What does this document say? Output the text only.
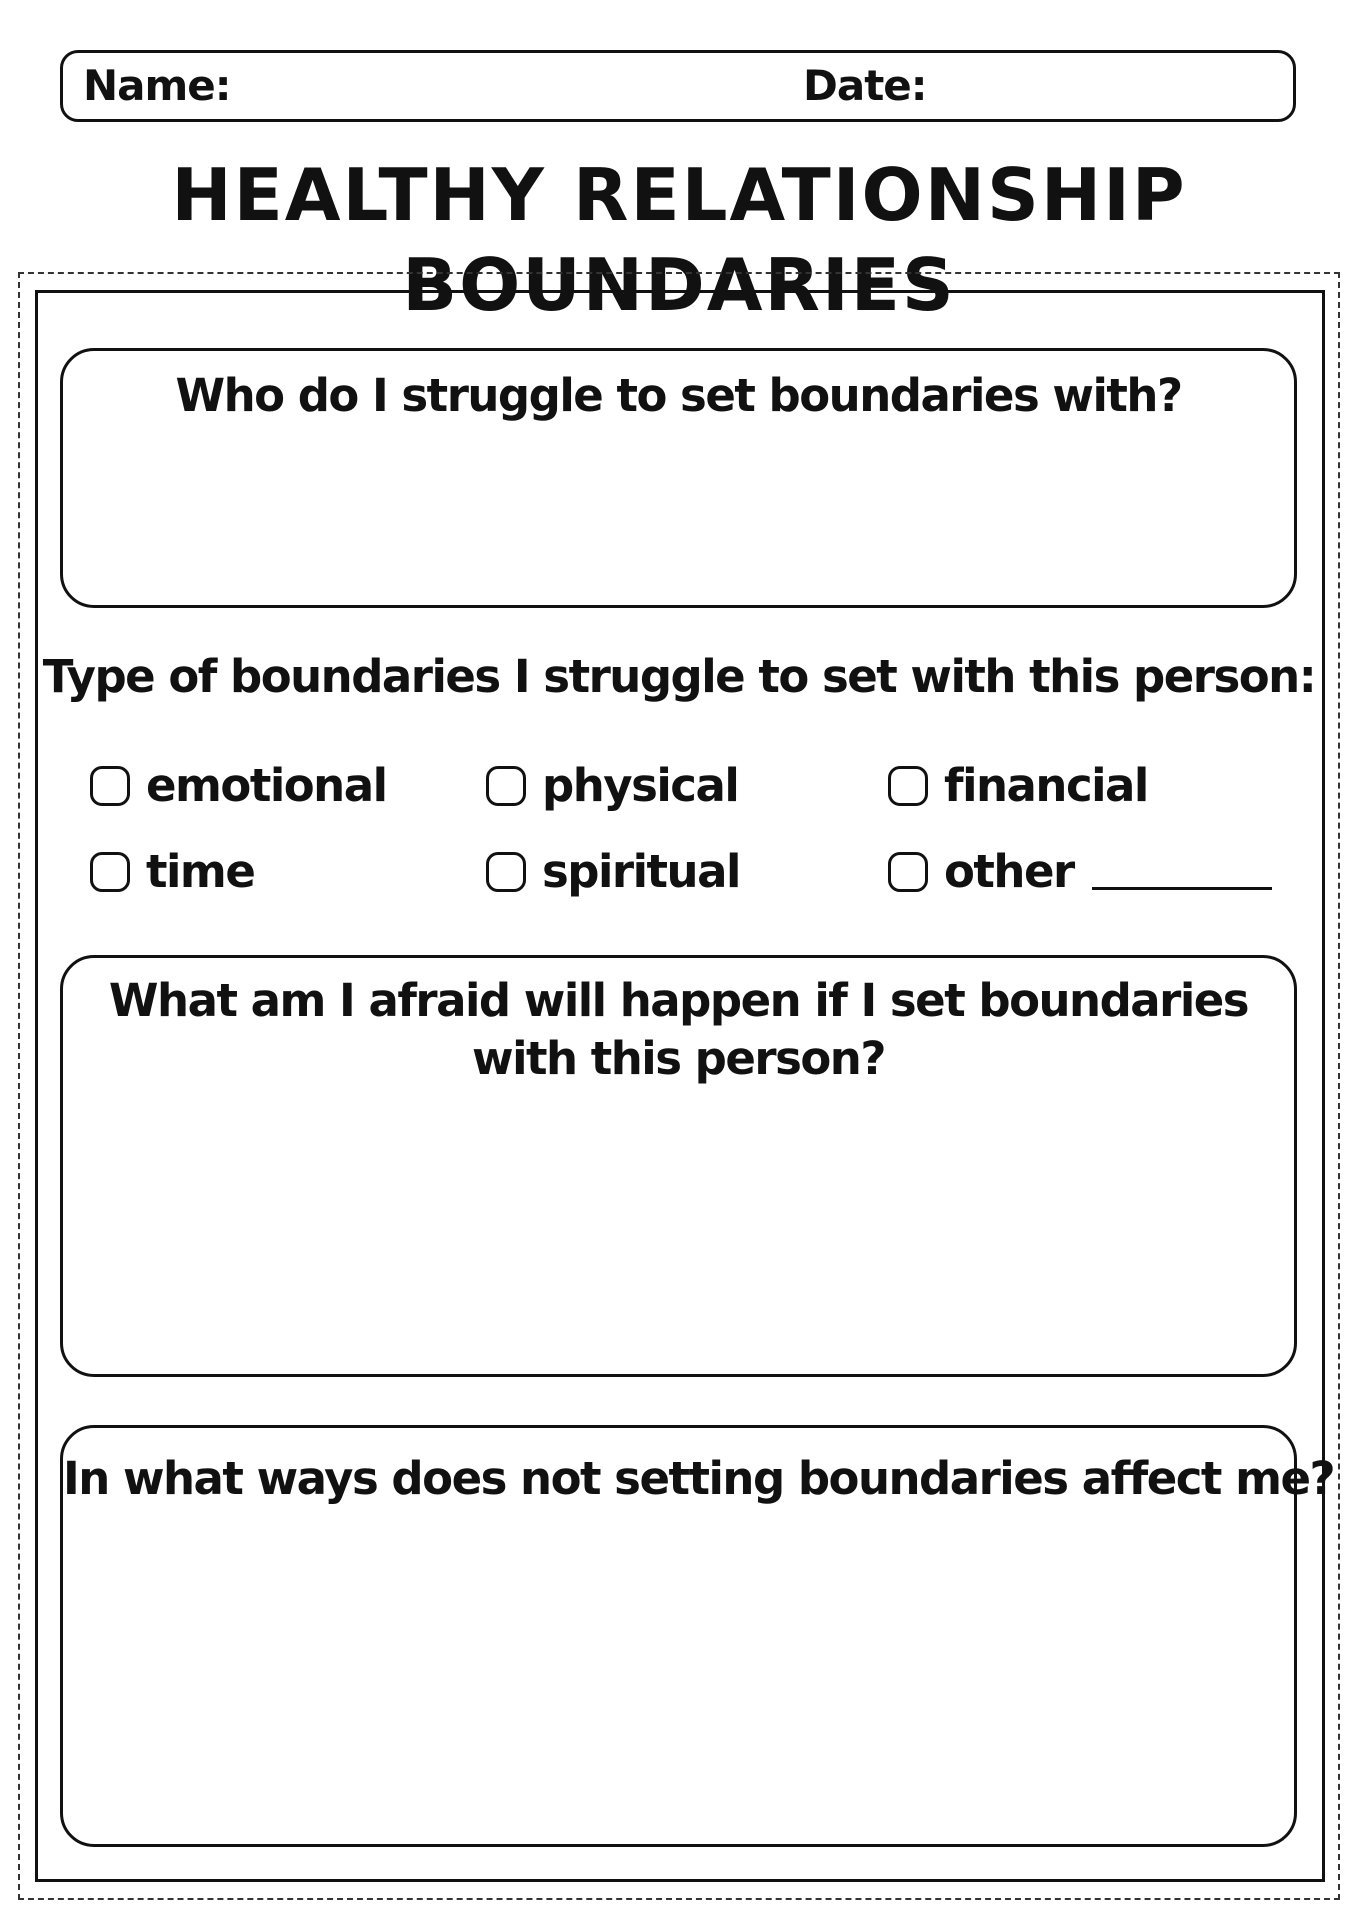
Name:	Date:
HEALTHY RELATIONSHIP BOUNDARIES
Who do I struggle to set boundaries with?
Type of boundaries I struggle to set with this person:
emotional	physical	financial
time	spiritual	other
What am I afraid will happen if I set boundaries
with this person?
In what ways does not setting boundaries affect me?
